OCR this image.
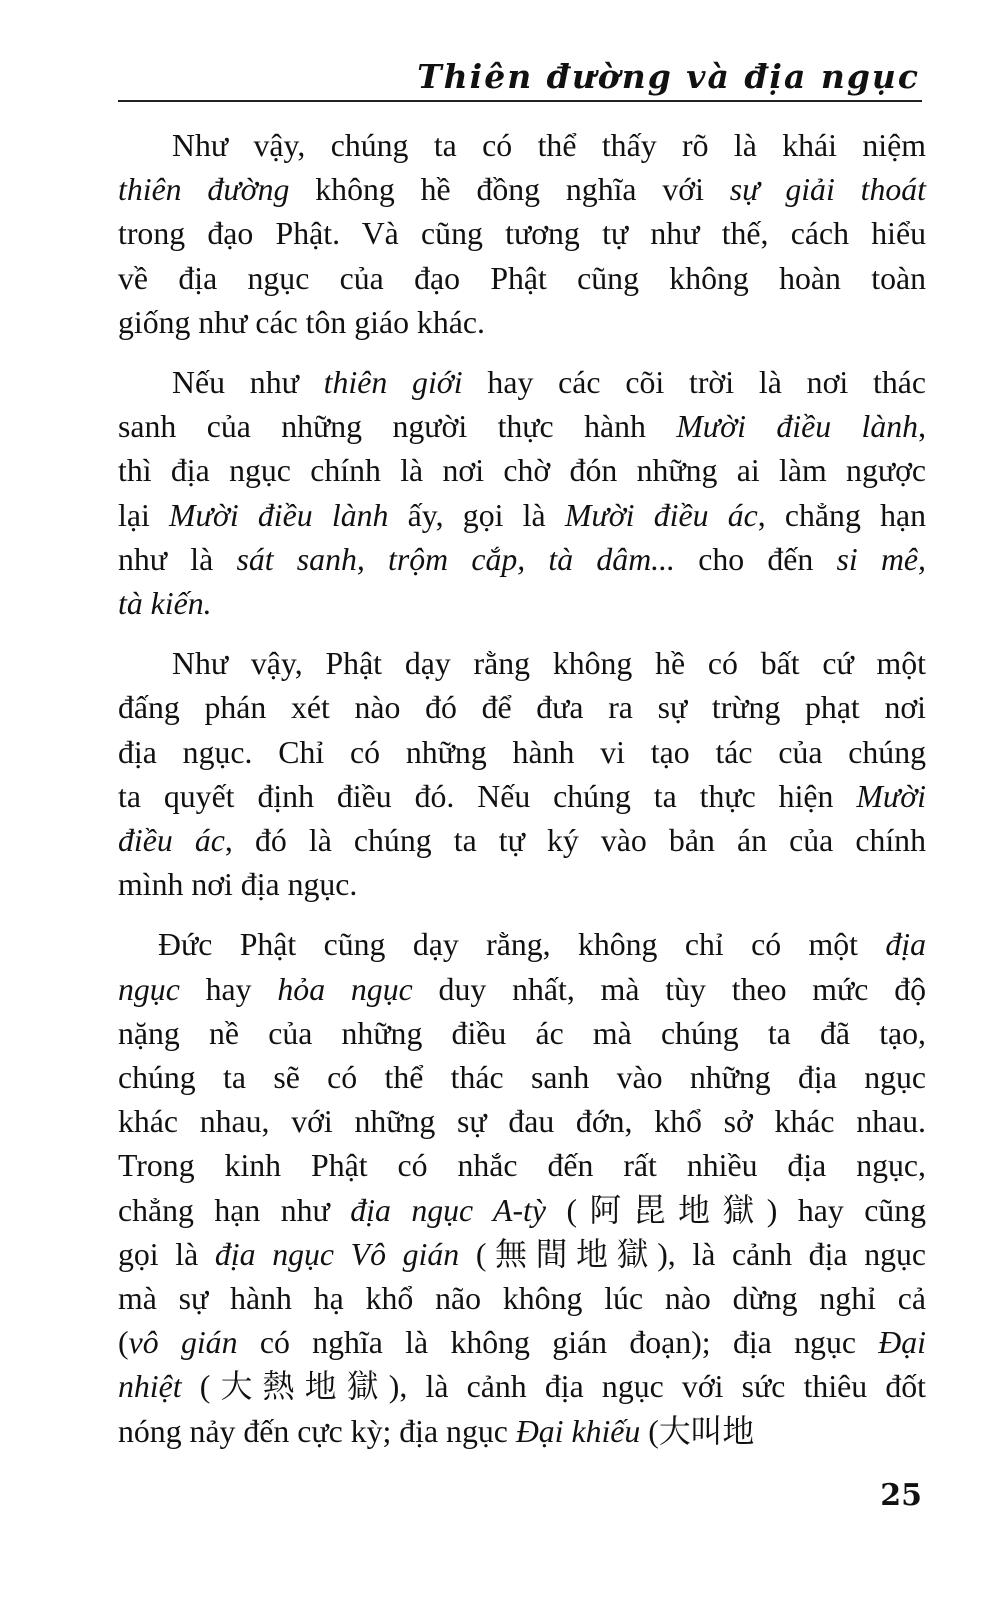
Thiên đường và địa ngục
Như vậy, chúng ta có thể thấy rõ là khái niệm
thiên đường không hề đồng nghĩa với sự giải thoát
trong đạo Phật. Và cũng tương tự như thế, cách hiểu
về địa ngục của đạo Phật cũng không hoàn toàn
giống như các tôn giáo khác.
Nếu như thiên giới hay các cõi trời là nơi thác
sanh của những người thực hành Mười điều lành,
thì địa ngục chính là nơi chờ đón những ai làm ngược
lại Mười điều lành ấy, gọi là Mười điều ác, chẳng hạn
như là sát sanh, trộm cắp, tà dâm... cho đến si mê,
tà kiến.
Như vậy, Phật dạy rằng không hề có bất cứ một
đấng phán xét nào đó để đưa ra sự trừng phạt nơi
địa ngục. Chỉ có những hành vi tạo tác của chúng
ta quyết định điều đó. Nếu chúng ta thực hiện Mười
điều ác, đó là chúng ta tự ký vào bản án của chính
mình nơi địa ngục.
Đức Phật cũng dạy rằng, không chỉ có một địa
ngục hay hỏa ngục duy nhất, mà tùy theo mức độ
nặng nề của những điều ác mà chúng ta đã tạo,
chúng ta sẽ có thể thác sanh vào những địa ngục
khác nhau, với những sự đau đớn, khổ sở khác nhau.
Trong kinh Phật có nhắc đến rất nhiều địa ngục,
chẳng hạn như địa ngục A-tỳ (阿毘地獄) hay cũng
gọi là địa ngục Vô gián (無間地獄), là cảnh địa ngục
mà sự hành hạ khổ não không lúc nào dừng nghỉ cả
(vô gián có nghĩa là không gián đoạn); địa ngục Đại
nhiệt (大熱地獄), là cảnh địa ngục với sức thiêu đốt
nóng nảy đến cực kỳ; địa ngục Đại khiếu (大叫地
25
